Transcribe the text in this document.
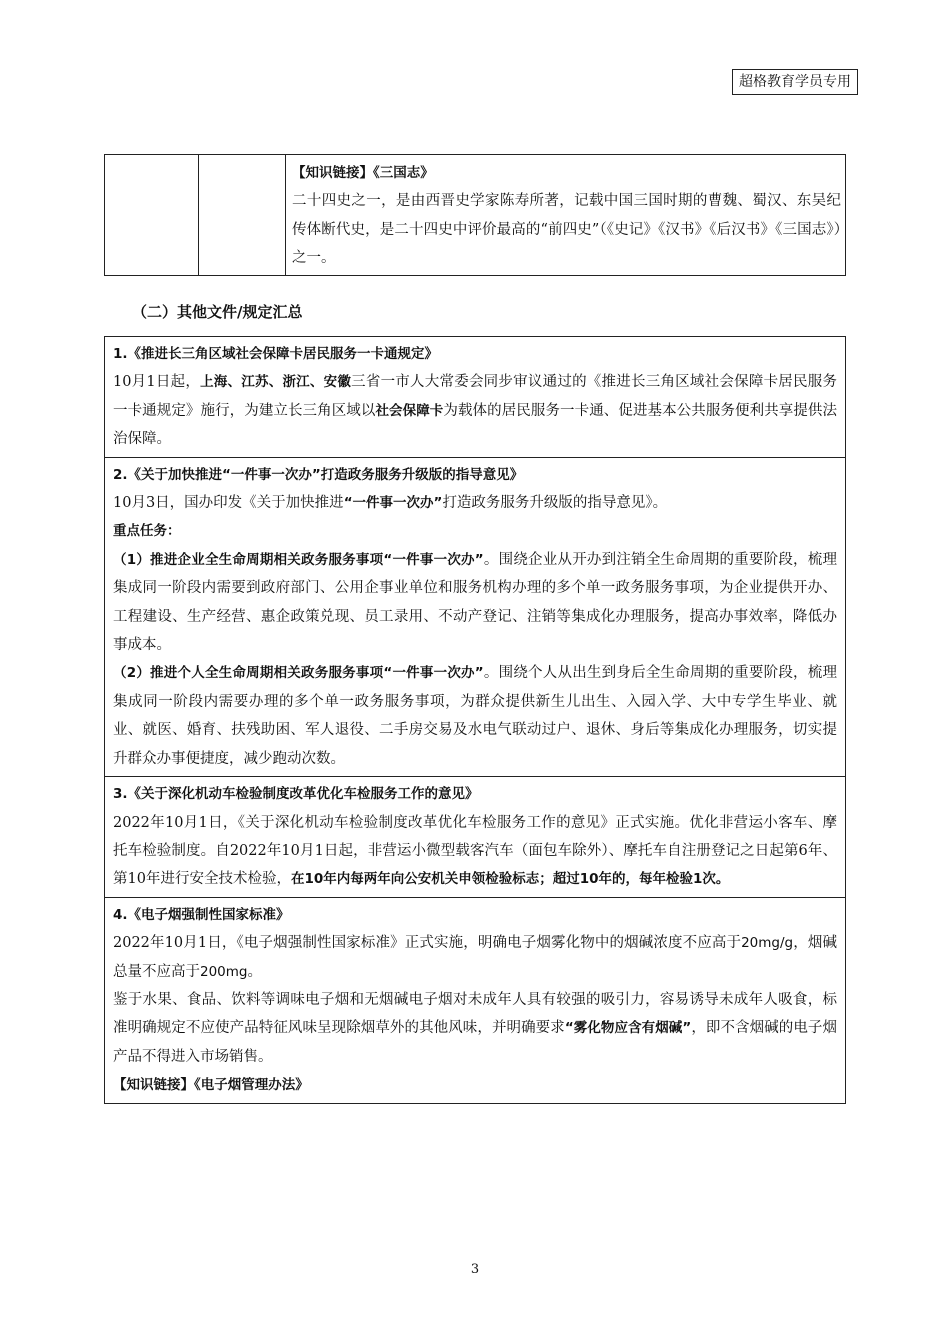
超格教育学员专用

【知识链接】《三国志》

二十四史之一，是由西晋史学家陈寿所著，记载中国三国时期的曹魏、蜀汉、东吴纪传体断代史，是二十四史中评价最高的“前四史”（《史记》《汉书》《后汉书》《三国志》）之一。

（二）其他文件/规定汇总

1.《推进长三角区域社会保障卡居民服务一卡通规定》

10月1日起，上海、江苏、浙江、安徽三省一市人大常委会同步审议通过的《推进长三角区域社会保障卡居民服务一卡通规定》施行，为建立长三角区域以社会保障卡为载体的居民服务一卡通、促进基本公共服务便利共享提供法治保障。

2.《关于加快推进“一件事一次办”打造政务服务升级版的指导意见》

10月3日，国办印发《关于加快推进“一件事一次办”打造政务服务升级版的指导意见》。

重点任务：

（1）推进企业全生命周期相关政务服务事项“一件事一次办”。围绕企业从开办到注销全生命周期的重要阶段，梳理集成同一阶段内需要到政府部门、公用企事业单位和服务机构办理的多个单一政务服务事项，为企业提供开办、工程建设、生产经营、惠企政策兑现、员工录用、不动产登记、注销等集成化办理服务，提高办事效率，降低办事成本。

（2）推进个人全生命周期相关政务服务事项“一件事一次办”。围绕个人从出生到身后全生命周期的重要阶段，梳理集成同一阶段内需要办理的多个单一政务服务事项，为群众提供新生儿出生、入园入学、大中专学生毕业、就业、就医、婚育、扶残助困、军人退役、二手房交易及水电气联动过户、退休、身后等集成化办理服务，切实提升群众办事便捷度，减少跑动次数。

3.《关于深化机动车检验制度改革优化车检服务工作的意见》

2022年10月1日，《关于深化机动车检验制度改革优化车检服务工作的意见》正式实施。优化非营运小客车、摩托车检验制度。自2022年10月1日起，非营运小微型载客汽车（面包车除外）、摩托车自注册登记之日起第6年、第10年进行安全技术检验，在10年内每两年向公安机关申领检验标志；超过10年的，每年检验1次。

4.《电子烟强制性国家标准》

2022年10月1日，《电子烟强制性国家标准》正式实施，明确电子烟雾化物中的烟碱浓度不应高于20mg/g，烟碱总量不应高于200mg。

鉴于水果、食品、饮料等调味电子烟和无烟碱电子烟对未成年人具有较强的吸引力，容易诱导未成年人吸食，标准明确规定不应使产品特征风味呈现除烟草外的其他风味，并明确要求“雾化物应含有烟碱”，即不含烟碱的电子烟产品不得进入市场销售。

【知识链接】《电子烟管理办法》

3
